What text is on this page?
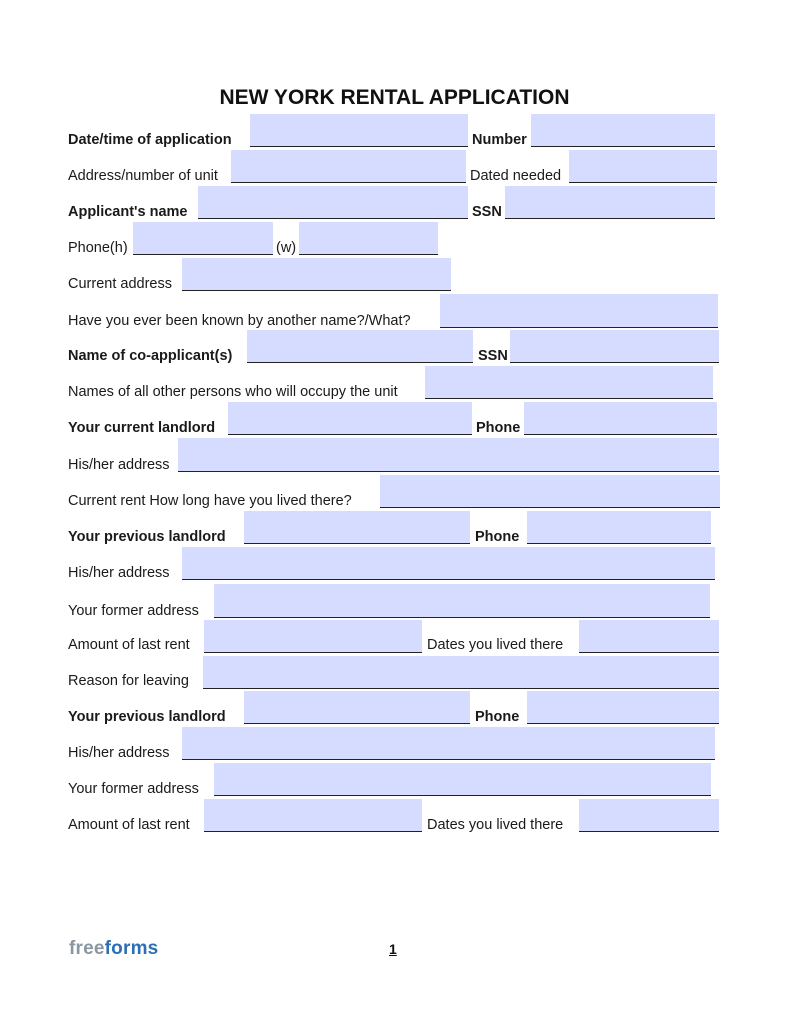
NEW YORK RENTAL APPLICATION
Date/time of application	Number
Address/number of unit	Dated needed
Applicant's name	SSN
Phone(h)	(w)
Current address
Have you ever been known by another name?/What?
Name of co-applicant(s)	SSN
Names of all other persons who will occupy the unit
Your current landlord	Phone
His/her address
Current rent How long have you lived there?
Your previous landlord	Phone
His/her address
Your former address
Amount of last rent	Dates you lived there
Reason for leaving
Your previous landlord	Phone
His/her address
Your former address
Amount of last rent	Dates you lived there
freeforms	1
